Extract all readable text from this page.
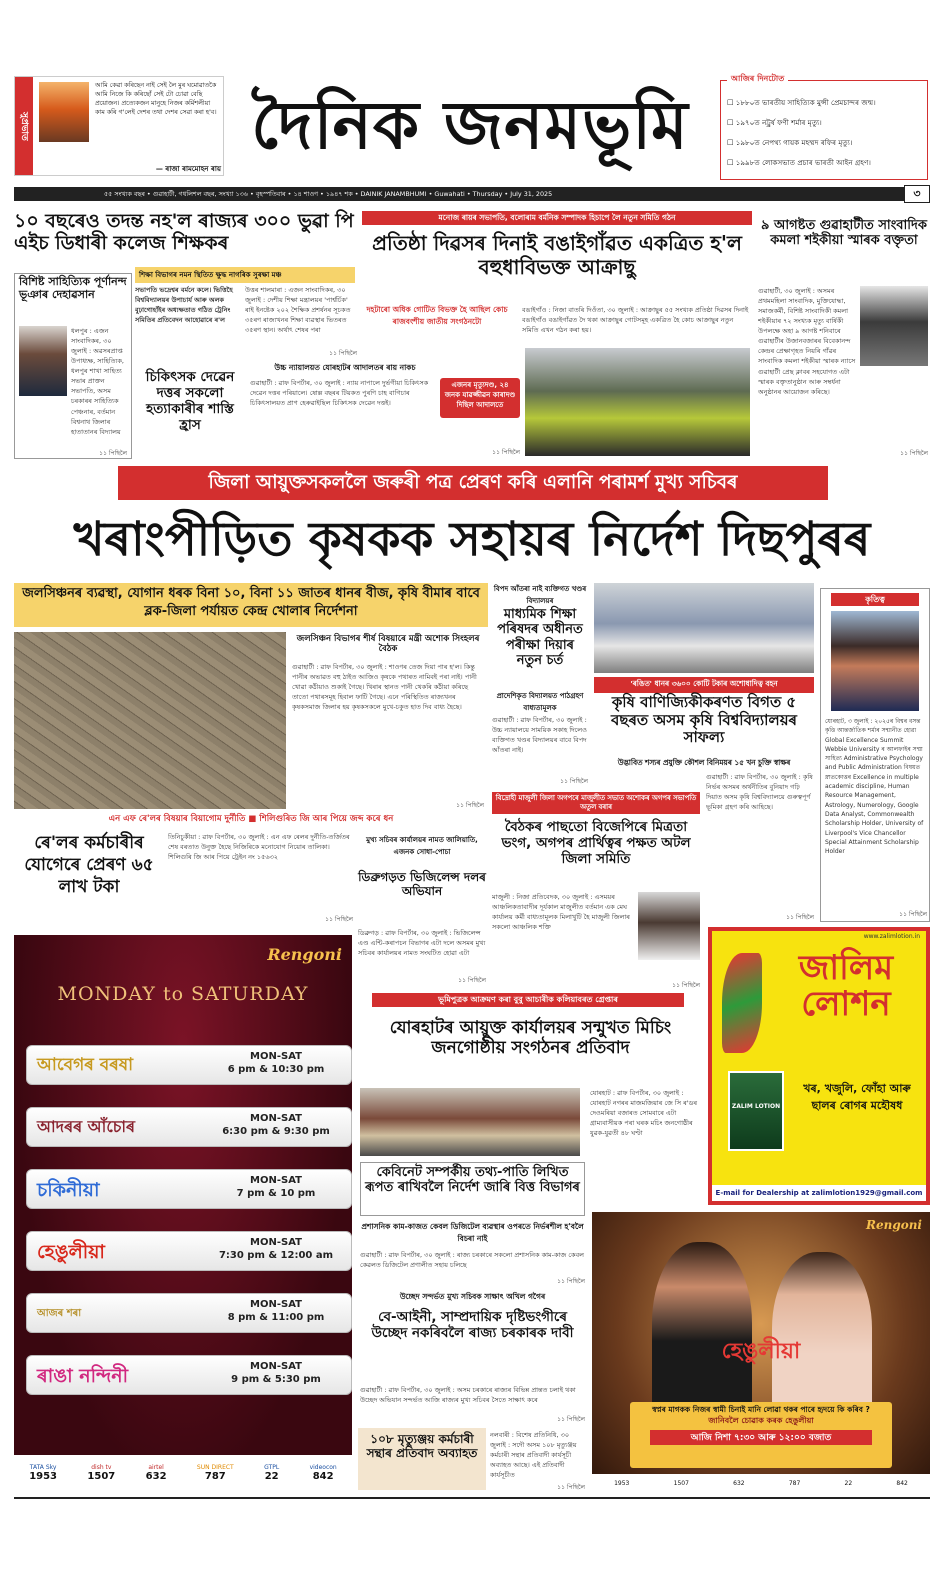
সুপ্ৰভাত
আমি কেৱা কৰিছেন নাই সেই লৈ মুৰ ঘমোৱাতকৈ আমি নিজে কি কৰিছোঁ সেই টো চোৱা বেছি প্ৰয়োজন। প্ৰত্যেকজন মানুহে নিজৰ কৰ্মিশলীয়া কাম কৰি গ'লেই দেশৰ তথা দেশৰ সেৱা কৰা হ'ব।
— ৰাজা ৰামমোহন ৰায়
দৈনিক জনমভূমি
আজিৰ দিনটোত
☐ ১৮৮০ত ভাৰতীয় সাহিত্যিক মুন্সী প্ৰেমচান্দৰ জন্ম।
☐ ১৯৭০ত নট্ট্ৰৰ্ষ ফণী শৰ্মাৰ মৃত্যু।
☐ ১৯৮০ত নেপথ্য গায়ক মহম্মদ ৰফিৰ মৃত্যু।
☐ ১৯৯৮ত লোকসভাত প্ৰচাৰ ভাৰতী আইন গ্ৰহণ।
৫৫ সংখ্যক বছৰ • গুৱাহাটী, গধলিশল বছৰ, সংখ্যা ১৩৬ • বৃহস্পতিবাৰ • ১৪ শাওণ • ১৯৪৭ শক • DAINIK JANAMBHUMI • Guwahati • Thursday • July 31, 2025	৩
১০ বছৰেও তদন্ত নহ'ল ৰাজ্যৰ ৩০০ ভুৱা পি এইচ ডিধাৰী কলেজ শিক্ষকৰ
শিক্ষা বিভাগৰ নমন স্থিতিত ক্ষুদ্ধ নাগৰিক সুৰক্ষা মঞ্চ
সভাপতি ভদ্ৰেশ্বৰ বৰ্মনে কলে। ভিত্তিহৈ বিশ্ববিদ্যালয়ৰ উপাচাৰ্য আৰু অলক বুঢ়াগোহাঁইৰ অধ্যক্ষতাত গঠিত ট্ৰেনিং সমিতিৰ প্ৰতিবেদন আহোৱাৰে ৰ'ল
উত্তৰ শালমাৰা : এজন সাংবাদিকৰ, ৩০ জুলাই : দেশীয় শিক্ষা মন্ত্ৰালয়ৰ 'পাৰ্শ্বৰ্চিক' ৰাই ইনষ্টেক ২০২ শৈক্ষিক প্ৰশৰ্ষনৰ সূচকত ৩৫ৰণ ৰাজ্যখনৰ শিক্ষা ব্যৱস্থাৰ ভিতৰত ৩৫ৰণ স্থান। অৰ্থাৎ শেষৰ পৰা
১১ পিছিলৈ
বিশিষ্ট সাহিত্যিক পূৰ্ণানন্দ ভূঞাৰ দেহাৱসান
ধলপুৰ : এজন সাংবাদিকৰ, ৩০ জুলাই : অৱসৰপ্ৰাপ্ত উপাধ্যক্ষ, সাহিত্যিক, ধলপুৰ শাখা সাহিত্য সভাৰ প্ৰাক্তন সভাপতি, অসম চৰকাৰৰ সাহিত্যিক পেঞ্চনাৰ, বৰ্তমান বিশ্বনাথ জিলাৰ হাতাতানৰ বিদ্যালয়
১১ পিছিলৈ
চিকিৎসক দেৱেন দত্তৰ সকলো হত্যাকাৰীৰ শাস্তি হ্ৰাস
উচ্চ ন্যায়ালয়ত যোৰহাটৰ আদালতৰ ৰায় নাকচ
এজনৰ মৃত্যুদণ্ড, ২৪ জনক যাৱজ্জীৱন কাৰাদণ্ড দিছিল আদালতে
গুৱাহাটী : ৱাফ বিপৰ্টাৰ, ৩০ জুলাই : ন্যায় নাপালে দুৰ্ভগীয়া চিকিৎসক দেৱেন দত্তৰ পৰিয়ালে। ষোল্ল বছৰৰ টিয়কত পুৰণি চাহ বাগিচাৰ চিকিৎসালয়ত প্ৰাণ হেৰুৱাইছিল চিকিৎসক দেৱেন দত্তই।
১১ পিছিলৈ
মনোজ ৰায়ৰ সভাপতি, বলোৰাম বৰ্মনিক সম্পাদক হিচাপে লৈ নতুন সমিতি গঠন
প্ৰতিষ্ঠা দিৱসৰ দিনাই বঙাইগাঁৱত একত্ৰিত হ'ল বহুধাবিভক্ত আক্ৰাছু
দহটাৰো অধিক গোটিত বিভক্ত হৈ আছিল কোচ ৰাজবংশীয় জাতীয় সংগঠনটো
বঙাইগাঁও : নিজা বাতৰি দিওঁতা, ৩০ জুলাই : আক্ৰাছুৰ ৫৫ সংখ্যক প্ৰতিষ্ঠা দিৱসৰ দিনাই বঙাইগাঁও বঙাইগাঁৱত দৈ থকা আক্ৰাছুৰ গোটসমূহ একত্ৰিত হৈ কোচ আক্ৰাছুৰ নতুন সমিতি এখন গঠন কৰা হয়।
৯ আগষ্টত গুৱাহাটীত সাংবাদিক কমলা শইকীয়া স্মাৰক বক্তৃতা
গুৱাহাটী, ৩০ জুলাই : অসমৰ প্ৰথমমহিলা সাংবাদিক, মুক্তিযোদ্ধা, সমাজকৰ্মী, বিশিষ্ট সাংবাদিকী কমলা শইকীয়াৰ ৭২ সংখ্যক মৃত্যু বাৰ্ষিকী উপলক্ষে অহা ৯ আগষ্ট শনিবাৰে গুৱাহাটীৰ উজানবজাৰৰ বিবেকানন্দ কেন্দ্ৰৰ প্ৰেক্ষাগৃহত নিয়ৰি গাঁৱৰ সাংবাদিক কমলা শইকীয়া স্মাৰক ন্যাসে গুৱাহাটী প্ৰেছ ক্লাবৰ সহযোগত এটা স্মাৰক বক্তৃতানুষ্ঠান আৰু সম্বৰ্ধনা অনুষ্ঠানৰ আয়োজন কৰিছে।
১১ পিছিলৈ
জিলা আয়ুক্তসকললৈ জৰুৰী পত্ৰ প্ৰেৰণ কৰি এলানি পৰামৰ্শ মুখ্য সচিবৰ
খৰাংপীড়িত কৃষকক সহায়ৰ নিৰ্দেশ দিছপুৰৰ
জলসিঞ্চনৰ ব্যৱস্থা, যোগান ধৰক বিনা ১০, বিনা ১১ জাতৰ ধানৰ বীজ, কৃষি বীমাৰ বাবে ব্লক-জিলা পৰ্যায়ত কেন্দ্ৰ খোলাৰ নিৰ্দেশনা
জলসিঞ্চন বিভাগৰ শীৰ্ষ বিষয়াৰে মন্ত্ৰী অশোক সিংহলৰ বৈঠক
গুৱাহাটী : ৱাফ বিপৰ্টাৰ, ৩০ জুলাই : শাওণৰ তেজ দিয়া পাৰ হ'ল। কিন্তু পানীৰ অভাৱত বহু ঠাইত আজিও কৃষকে পথাৰত নামিবই পৰা নাই। পানী খোৱা কঠীয়াও শুকাই গৈছে। খিৰাৰ স্থানত পানী থেকৰি কঠীয়া কৰিছে তাতো পথাৰসমূহ হিবাল ফাটি গৈছে। এনে পৰিস্থিতিত ৰাজ্যখনৰ কৃষকসমাজ জিলাৰ হয় কৃষকসকলে মুখে-চকুত হাত দিব বাধ্য হৈছে।
১১ পিছিলৈ
বিপদ আঁতৰা নাই ব্যক্তিগত খণ্ডৰ বিদ্যালয়ৰ
মাধ্যমিক শিক্ষা পৰিষদৰ অধীনত পৰীক্ষা দিয়াৰ নতুন চৰ্ত
প্ৰাদেশিকৃত বিদ্যালয়ত পাঠগ্ৰহণ বাধ্যতামূলক
গুৱাহাটী : ৱাফ বিপৰ্টাৰ, ৩০ জুলাই : উচ্চ ন্যায়ালয়ে সাময়িক সকাহ দিলেও ব্যক্তিগত খণ্ডৰ বিদ্যালয়ৰ বাবে বিপদ আঁতৰা নাই।
১১ পিছিলৈ
'ৰঙিত' ধানৰ ৩৬০০ কোটি টকাৰ অশোধাদিত্ব বহন
কৃষি বাণিজ্যিকীকৰণত বিগত ৫ বছৰত অসম কৃষি বিশ্ববিদ্যালয়ৰ সাফল্য
উদ্ভাবিত শস্যৰ প্ৰযুক্তি কৌশল বিনিময়ৰ ১৫ খন চুক্তি স্বাক্ষৰ
গুৱাহাটী : ৱাফ বিপৰ্টাৰ, ৩০ জুলাই : কৃষি নিৰ্ভৰ অসমৰ অৰ্থনীতিৰ বুনিয়াদ গঢ়ি দিয়াত অসম কৃষি বিশ্ববিদ্যালয়ে গুৰুত্বপূৰ্ণ ভূমিকা গ্ৰহণ কৰি আহিছে।
১১ পিছিলৈ
কৃতিত্ব
যোৰহাট, ৩ জুলাই : ২০২৫ৰ বিশ্বৰ বসন্ত কৃত্তি আন্তৰ্জাতিক শৰ্মাৰ সন্মানীত হোৱা Global Excellence Summit Webbie University ৰ আলফাইৰ সম্মা সাহিত্য Administrative Psychology and Public Administration বিষয়ত স্নাতকোত্তৰ Excellence in multiple academic discipline, Human Resource Management, Astrology, Numerology, Google Data Analyst, Commonwealth Scholarship Holder, University of Liverpool's Vice Chancellor Special Attainment Scholarship Holder
১১ পিছিলৈ
এন এফ ৰে'লৰ বিষয়াৰ বিয়াগোম দুৰ্নীতি ■ শিলিগুৰিত জি আৰ পিয়ে জব্দ কৰে ধন
ৰে'লৰ কৰ্মচাৰীৰ যোগেৰে প্ৰেৰণ ৬৫ লাখ টকা
তিনিচুকীয়া : ৱাফ বিপৰ্টাৰ, ৩০ জুলাই : এন এফ ৰেলৰ দুৰ্নীতি-তৰ্জিতৰ শেষ বৰতাত উনুক্ত হৈছে নিজিৰিকে মনোযোগ নিয়োৰ তালিকা। শিলিগুৰি জি আৰ পিয়ে ট্ৰেইন নং ১৫৬৩২
১১ পিছিলৈ
মুখ্য সচিবৰ কাৰ্যালয়ৰ নামত জালিয়াতি, এজনক সোধা-পোচা
ডিব্ৰুগড়ত ভিজিলেন্স দলৰ অভিযান
ডিব্ৰুগড় : ৱাফ বিপৰ্টাৰ, ৩০ জুলাই : ভিজিলেন্স এণ্ড এন্টি-কৰাপচন বিভাগৰ এটা দলে অসমৰ মুখ্য সচিবৰ কাৰ্যালয়ৰ নামত সংঘটিত হোৱা এটা
১১ পিছিলৈ
বিদ্ৰোহী মাজুলী জিলা অগপৰে মাজুলীত সভাত অশোকৰ অগপৰ সভাপতি অতুল বৰাৰ
বৈঠকৰ পাছতো বিজেপিৰে মিত্ৰতা ভংগ, অগপৰ প্ৰাৰ্থিত্বৰ পক্ষত অটল জিলা সমিতি
মাজুলী : নিজা প্ৰতিবেদক, ৩০ জুলাই : এসময়ৰ আঞ্চলিকতাবাদীৰ দূৰ্যকাল মাজুলীত বৰ্তমান এক মেঘ কাৰ্যালয় কৰ্মী বাধ্যতামূলক মিলাখুটি হৈ মাজুলী জিলাৰ সকলো আঞ্চলিক শক্তি
১১ পিছিলৈ
ভূমিপুত্ৰক আক্ৰমণ কৰা বুবু আচাৰীক কলিয়াবৰত গ্ৰেপ্তাৰ
যোৰহাটৰ আয়ুক্ত কাৰ্যালয়ৰ সন্মুখত মিচিং জনগোষ্ঠীয় সংগঠনৰ প্ৰতিবাদ
যোৰহাট : ৱাফ বিপৰ্টাৰ, ৩০ জুলাই : যোৰহাট নগৰৰ মাজমজিয়াৰ জে সি ৰ'ডৰ দেওমৰিয়া বজাৰত সোমবাৰে এটা গ্ৰাম্যবাসীয়ক পৰা ঘৰক মচিং জনগোষ্ঠীৰ যুৱক-যুৱতী ৪৮ ঘণ্টা
কেবিনেট সম্পৰ্কীয় তথ্য-পাতি লিখিত ৰূপত ৰাখিবলৈ নিৰ্দেশ জাৰি বিত্ত বিভাগৰ
প্ৰশাসনিক কাম-কাজত কেবল ডিজিটেল ব্যৱস্থাৰ ওপৰতে নিৰ্ভৰশীল হ'বলৈ বিচৰা নাই
গুৱাহাটী : ৱাফ বিপৰ্টাৰ, ৩০ জুলাই : ৰাজ্য চৰকাৰে সকলো প্ৰশাসনিক কাম-কাজ কেবল কেৱলত ডিজিটেল প্ৰণালীত সহায় চলিছে
১১ পিছিলৈ
উচ্ছেদ সন্দৰ্ভত মুখ্য সচিবক সাক্ষাৎ অখিল গগৈৰ
বে-আইনী, সাম্প্ৰদায়িক দৃষ্টিভংগীৰে উচ্ছেদ নকৰিবলৈ ৰাজ্য চৰকাৰক দাবী
গুৱাহাটী : ৱাফ বিপৰ্টাৰ, ৩০ জুলাই : অসম চৰকাৰে ৰাজ্যৰ বিভিন্ন প্ৰান্তত চলাই থকা উচ্ছেদ অভিযান সন্দৰ্ভত আজি ৰাজ্যৰ মুখ্য সচিবৰ সৈতে সাক্ষাৎ কৰে
১১ পিছিলৈ
১০৮ মৃত্যুঞ্জয় কৰ্মচাৰী সন্থাৰ প্ৰতিবাদ অব্যাহত
নলবাৰী : বিশেষ প্ৰতিনিধি, ৩০ জুলাই : সদৌ অসম ১০৮ মৃত্যুঞ্জয় কৰ্মচাৰী সন্থাৰ প্ৰতিবাদী কাৰ্যসূচী অব্যাহত আছে। এই প্ৰতিবাদী কাৰ্যসূচীত
১১ পিছিলৈ
Rengoni
MONDAY to SATURDAY
আবেগৰ বৰষা	MON-SAT
6 pm & 10:30 pm
আদৰৰ আঁচোৰ	MON-SAT
6:30 pm & 9:30 pm
চকিনীয়া	MON-SAT
7 pm & 10 pm
হেঙুলীয়া	MON-SAT
7:30 pm & 12:00 am
আজৰ শৰা
MON-SAT
8 pm & 11:00 pm
ৰাঙা নন্দিনী	MON-SAT
9 pm & 5:30 pm
TATA Sky
1953
dish tv
1507
airtel
632
SUN DIRECT
787
GTPL
22
videocon
842
www.zalimlotion.in
জালিম লোশন
ZALIM LOTION
খৰ, খজুলি, ফোঁহা আৰু ছালৰ ৰোগৰ মহৌষধ
E-mail for Dealership at zalimlotion1929@gmail.com
Rengoni
হেঙুলীয়া
স্বপ্নৰ মাগকক নিজৰ স্বামী চিনাই মানি লোৱা থকৰ পাৰে হৃদয়ে কি কৰিব ?
জানিবলৈ চোৱাক কৰক হেঙুলীয়া
আজি নিশা ৭:৩০ আৰু ১২:০০ বজাত
1953	1507	632	787	22	842
